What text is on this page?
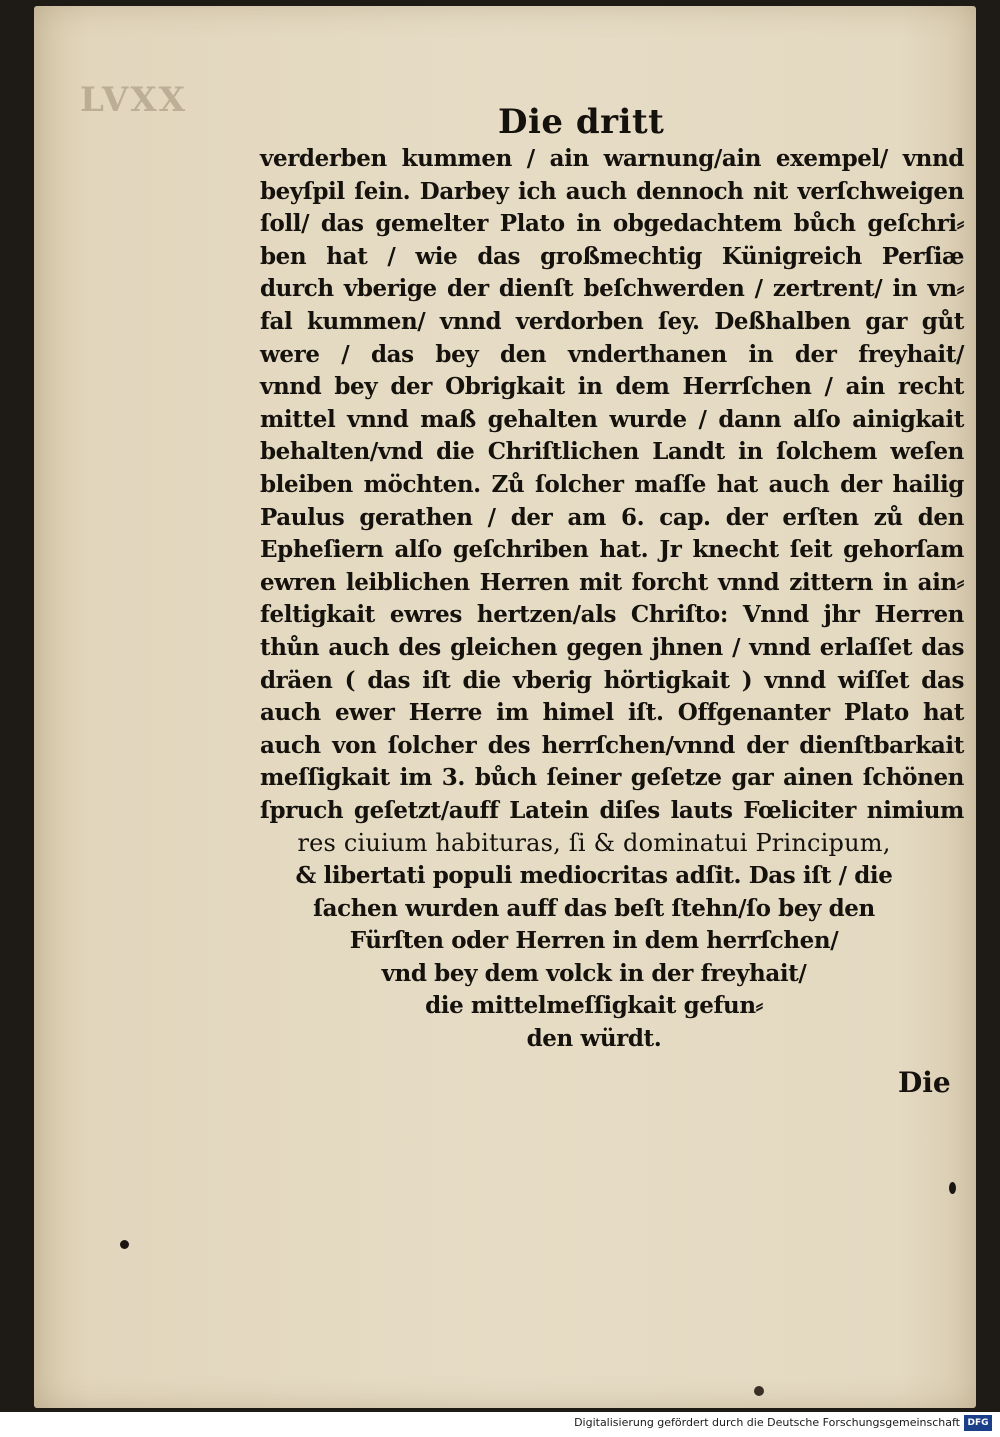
LVXX
Die dritt
verderben kummen / ain warnung/ain exempel/ vnnd
beyſpil ſein. Darbey ich auch dennoch nit verſchweigen
ſoll/ das gemelter Plato in obgedachtem bůch geſchri⸗
ben hat / wie das großmechtig Künigreich Perſiæ
durch vberige der dienſt beſchwerden / zertrent/ in vn⸗
fal kummen/ vnnd verdorben ſey. Deßhalben gar gůt
were / das bey den vnderthanen in der freyhait/
vnnd bey der Obrigkait in dem Herrſchen / ain recht
mittel vnnd maß gehalten wurde / dann alſo ainigkait
behalten/vnd die Chriſtlichen Landt in ſolchem weſen
bleiben möchten. Zů ſolcher maſſe hat auch der hailig
Paulus gerathen / der am 6. cap. der erſten zů den
Epheſiern alſo geſchriben hat. Jr knecht ſeit gehorſam
ewren leiblichen Herren mit forcht vnnd zittern in ain⸗
feltigkait ewres hertzen/als Chriſto: Vnnd jhr Herren
thůn auch des gleichen gegen jhnen / vnnd erlaſſet das
dräen ( das iſt die vberig hörtigkait ) vnnd wiſſet das
auch ewer Herre im himel iſt. Offgenanter Plato hat
auch von ſolcher des herrſchen/vnnd der dienſtbarkait
meſſigkait im 3. bůch ſeiner geſetze gar ainen ſchönen
ſpruch geſetzt/auff Latein diſes lauts Fœliciter nimium
res ciuium habituras, ſi & dominatui Principum,
& libertati populi mediocritas adſit. Das iſt / die
ſachen wurden auff das beſt ſtehn/ſo bey den
Fürſten oder Herren in dem herrſchen/
vnd bey dem volck in der freyhait/
die mittelmeſſigkait gefun⸗
den würdt.
Die
Digitalisierung gefördert durch die Deutsche Forschungsgemeinschaft DFG
